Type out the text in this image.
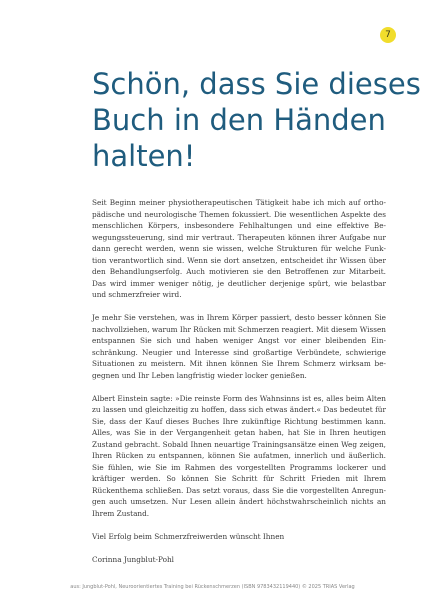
7
Schön, dass Sie dieses
Buch in den Händen
halten!

Seit Beginn meiner physiotherapeutischen Tätigkeit habe ich mich auf orthopädische und neurologische Themen fokussiert. Die wesentlichen Aspekte des menschlichen Körpers, insbesondere Fehlhaltungen und eine effektive Bewegungssteuerung, sind mir vertraut. Therapeuten können ihrer Aufgabe nur dann gerecht werden, wenn sie wissen, welche Strukturen für welche Funktion verantwortlich sind. Wenn sie dort ansetzen, entscheidet ihr Wissen über den Behandlungserfolg. Auch motivieren sie den Betroffenen zur Mitarbeit. Das wird immer weniger nötig, je deutlicher derjenige spürt, wie belastbar und schmerzfreier wird.

Je mehr Sie verstehen, was in Ihrem Körper passiert, desto besser können Sie nachvollziehen, warum Ihr Rücken mit Schmerzen reagiert. Mit diesem Wissen entspannen Sie sich und haben weniger Angst vor einer bleibenden Einschränkung. Neugier und Interesse sind großartige Verbündete, schwierige Situationen zu meistern. Mit ihnen können Sie Ihrem Schmerz wirksam begegnen und Ihr Leben langfristig wieder locker genießen.

Albert Einstein sagte: »Die reinste Form des Wahnsinns ist es, alles beim Alten zu lassen und gleichzeitig zu hoffen, dass sich etwas ändert.« Das bedeutet für Sie, dass der Kauf dieses Buches Ihre zukünftige Richtung bestimmen kann. Alles, was Sie in der Vergangenheit getan haben, hat Sie in Ihren heutigen Zustand gebracht. Sobald Ihnen neuartige Trainingsansätze einen Weg zeigen, Ihren Rücken zu entspannen, können Sie aufatmen, innerlich und äußerlich. Sie fühlen, wie Sie im Rahmen des vorgestellten Programms lockerer und kräftiger werden. So können Sie Schritt für Schritt Frieden mit Ihrem Rückenthema schließen. Das setzt voraus, dass Sie die vorgestellten Anregungen auch umsetzen. Nur Lesen allein ändert höchstwahrscheinlich nichts an Ihrem Zustand.

Viel Erfolg beim Schmerzfreiwerden wünscht Ihnen

Corinna Jungblut-Pohl

aus: Jungblut-Pohl, Neuroorientiertes Training bei Rückenschmerzen (ISBN 9783432119440) © 2025 TRIAS Verlag
